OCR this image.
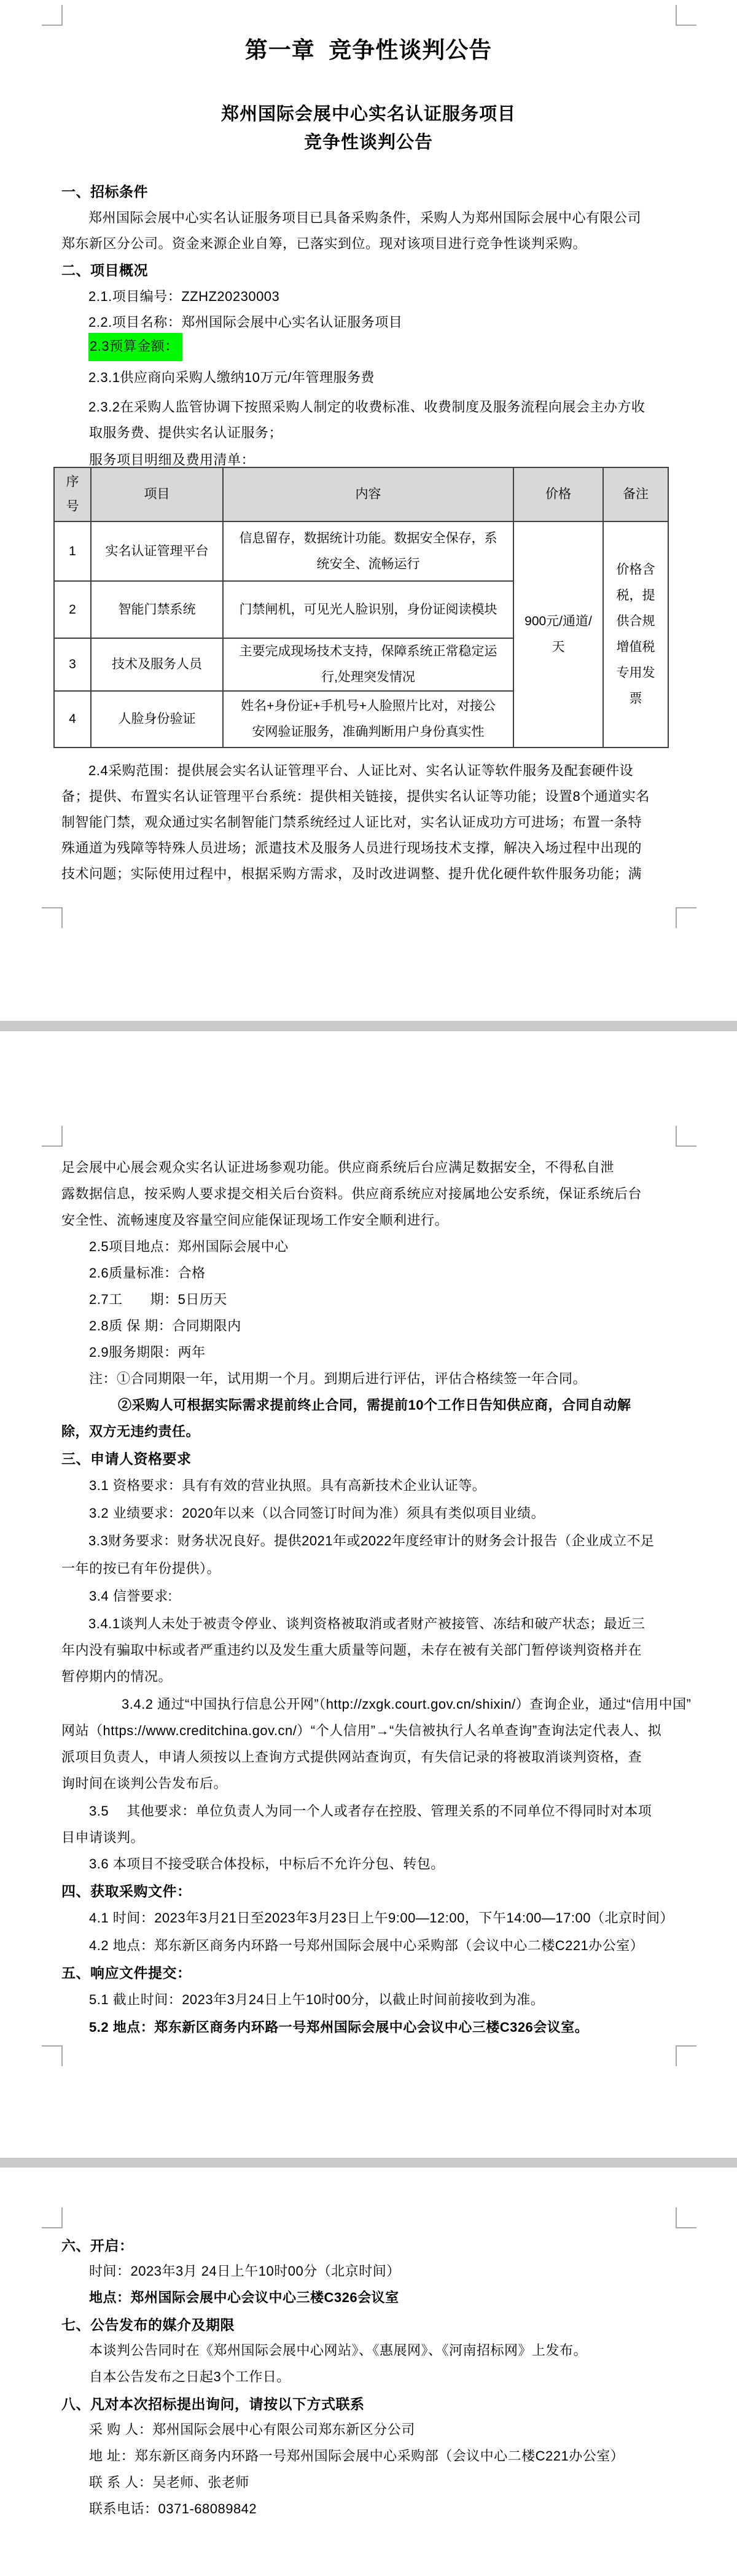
序号	项目	内容	价格	备注
1	实名认证管理平台	信息留存，数据统计功能。数据安全保存，系统安全、流畅运行	900元/通道/天	价格含税，提供合规增值税专用发票
2	智能门禁系统	门禁闸机，可见光人脸识别，身份证阅读模块		
3	技术及服务人员	主要完成现场技术支持，保障系统正常稳定运行,处理突发情况		
4	人脸身份验证	姓名+身份证+手机号+人脸照片比对，对接公安网验证服务，准确判断用户身份真实性		
第一章  竞争性谈判公告
郑州国际会展中心实名认证服务项目
竞争性谈判公告
一、招标条件
郑州国际会展中心实名认证服务项目已具备采购条件，采购人为郑州国际会展中心有限公司
郑东新区分公司。资金来源企业自筹，已落实到位。现对该项目进行竞争性谈判采购。
二、项目概况
2.1.项目编号：ZZHZ20230003
2.2.项目名称：郑州国际会展中心实名认证服务项目
2.3预算金额：
2.3.1供应商向采购人缴纳10万元/年管理服务费
2.3.2在采购人监管协调下按照采购人制定的收费标准、收费制度及服务流程向展会主办方收
取服务费、提供实名认证服务；
服务项目明细及费用清单：
2.4采购范围：提供展会实名认证管理平台、人证比对、实名认证等软件服务及配套硬件设
备；提供、布置实名认证管理平台系统：提供相关链接，提供实名认证等功能；设置8个通道实名
制智能门禁，观众通过实名制智能门禁系统经过人证比对，实名认证成功方可进场；布置一条特
殊通道为残障等特殊人员进场；派遣技术及服务人员进行现场技术支撑，解决入场过程中出现的
技术问题；实际使用过程中，根据采购方需求，及时改进调整、提升优化硬件软件服务功能；满
足会展中心展会观众实名认证进场参观功能。供应商系统后台应满足数据安全，不得私自泄
露数据信息，按采购人要求提交相关后台资料。供应商系统应对接属地公安系统，保证系统后台
安全性、流畅速度及容量空间应能保证现场工作安全顺利进行。
2.5项目地点：郑州国际会展中心
2.6质量标准：合格
2.7工　　期：5日历天
2.8质 保 期：合同期限内
2.9服务期限：两年
注：①合同期限一年，试用期一个月。到期后进行评估，评估合格续签一年合同。
②采购人可根据实际需求提前终止合同，需提前10个工作日告知供应商，合同自动解
除，双方无违约责任。
三、申请人资格要求
3.1 资格要求：具有有效的营业执照。具有高新技术企业认证等。
3.2 业绩要求：2020年以来（以合同签订时间为准）须具有类似项目业绩。
3.3财务要求：财务状况良好。提供2021年或2022年度经审计的财务会计报告（企业成立不足
一年的按已有年份提供）。
3.4 信誉要求:
3.4.1谈判人未处于被责令停业、谈判资格被取消或者财产被接管、冻结和破产状态；最近三
年内没有骗取中标或者严重违约以及发生重大质量等问题，未存在被有关部门暂停谈判资格并在
暂停期内的情况。
3.4.2 通过“中国执行信息公开网”（http://zxgk.court.gov.cn/shixin/）查询企业，通过“信用中国”
网站（https://www.creditchina.gov.cn/）“个人信用”→“失信被执行人名单查询”查询法定代表人、拟
派项目负责人，申请人须按以上查询方式提供网站查询页，有失信记录的将被取消谈判资格，查
询时间在谈判公告发布后。
3.5　 其他要求：单位负责人为同一个人或者存在控股、管理关系的不同单位不得同时对本项
目申请谈判。
3.6 本项目不接受联合体投标，中标后不允许分包、转包。
四、获取采购文件：
4.1 时间：2023年3月21日至2023年3月23日上午9:00—12:00，下午14:00—17:00（北京时间）
4.2 地点：郑东新区商务内环路一号郑州国际会展中心采购部（会议中心二楼C221办公室）
五、响应文件提交：
5.1 截止时间：2023年3月24日上午10时00分，以截止时间前接收到为准。
5.2 地点：郑东新区商务内环路一号郑州国际会展中心会议中心三楼C326会议室。
六、开启：
时间：2023年3月 24日上午10时00分（北京时间）
地点：郑州国际会展中心会议中心三楼C326会议室
七、公告发布的媒介及期限
本谈判公告同时在《郑州国际会展中心网站》、《惠展网》、《河南招标网》上发布。
自本公告发布之日起3个工作日。
八、凡对本次招标提出询问，请按以下方式联系
采 购 人：郑州国际会展中心有限公司郑东新区分公司
地 址：郑东新区商务内环路一号郑州国际会展中心采购部（会议中心二楼C221办公室）
联 系 人：吴老师、张老师
联系电话：0371-68089842
